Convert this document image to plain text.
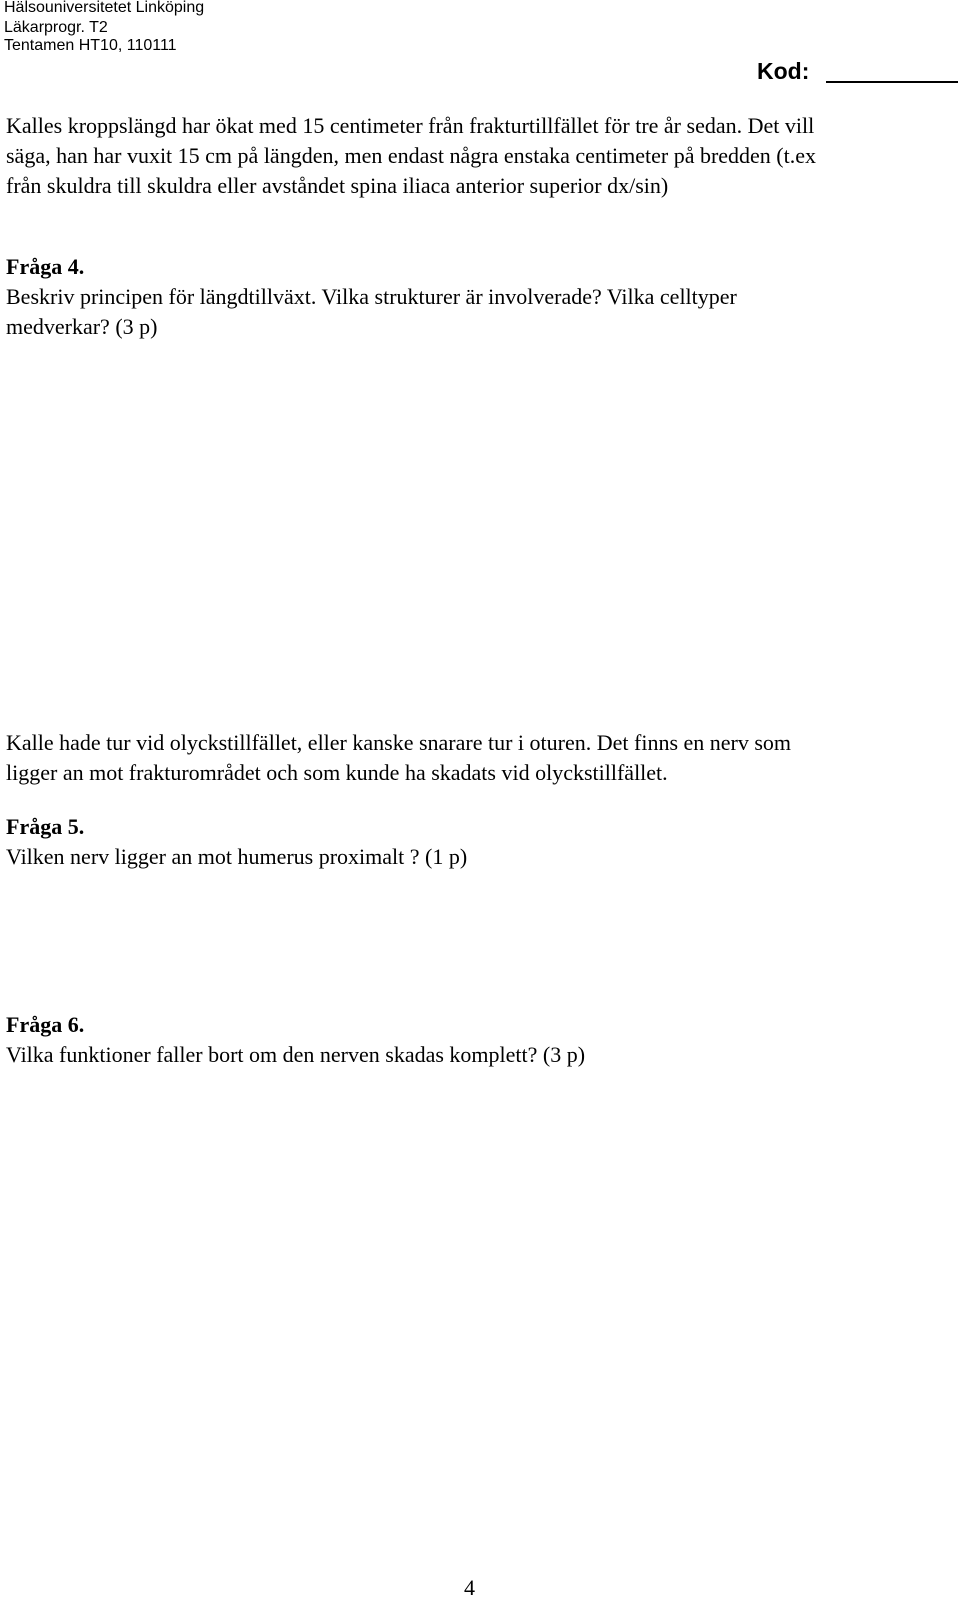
Hälsouniversitetet Linköping
Läkarprogr. T2
Tentamen HT10, 110111
Kod:
Kalles kroppslängd har ökat med 15 centimeter från frakturtillfället för tre år sedan. Det vill
säga, han har vuxit 15 cm på längden, men endast några enstaka centimeter på bredden (t.ex
från skuldra till skuldra eller avståndet spina iliaca anterior superior dx/sin)
Fråga 4.
Beskriv principen för längdtillväxt. Vilka strukturer är involverade? Vilka celltyper
medverkar? (3 p)
Kalle hade tur vid olyckstillfället, eller kanske snarare tur i oturen. Det finns en nerv som
ligger an mot frakturområdet och som kunde ha skadats vid olyckstillfället.
Fråga 5.
Vilken nerv ligger an mot humerus proximalt ? (1 p)
Fråga 6.
Vilka funktioner faller bort om den nerven skadas komplett? (3 p)
4
